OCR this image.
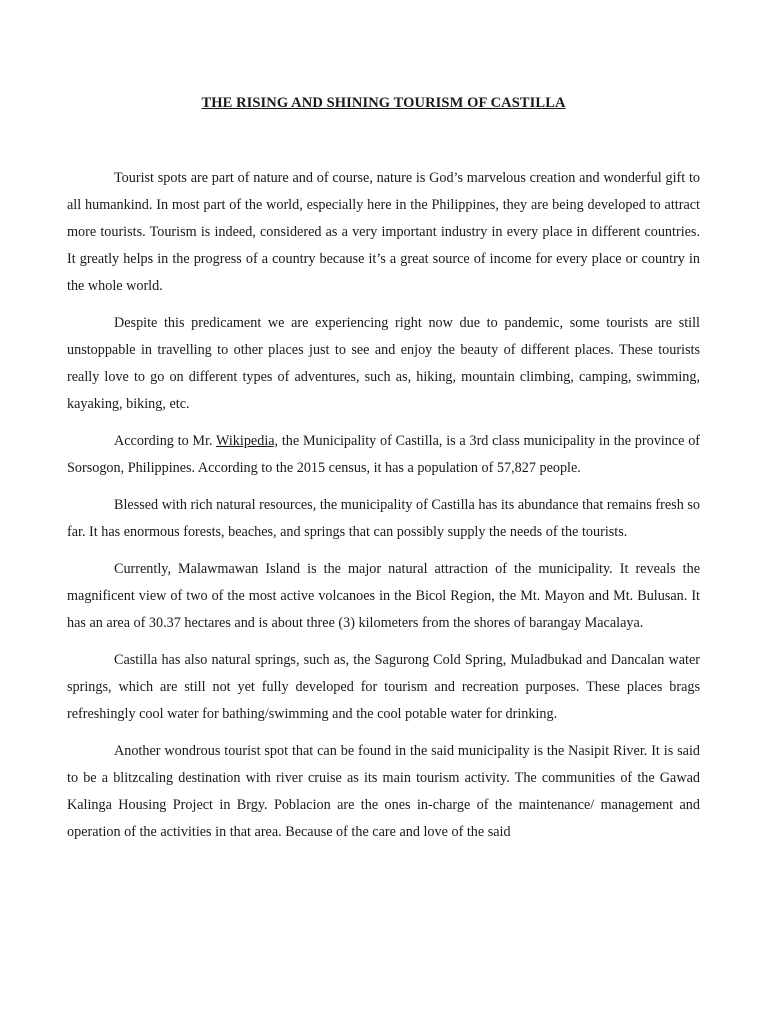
THE RISING AND SHINING TOURISM OF CASTILLA

Tourist spots are part of nature and of course, nature is God’s marvelous creation and wonderful gift to all humankind. In most part of the world, especially here in the Philippines, they are being developed to attract more tourists. Tourism is indeed, considered as a very important industry in every place in different countries. It greatly helps in the progress of a country because it’s a great source of income for every place or country in the whole world.

Despite this predicament we are experiencing right now due to pandemic, some tourists are still unstoppable in travelling to other places just to see and enjoy the beauty of different places. These tourists really love to go on different types of adventures, such as, hiking, mountain climbing, camping, swimming, kayaking, biking, etc.

According to Mr. Wikipedia, the Municipality of Castilla, is a 3rd class municipality in the province of Sorsogon, Philippines. According to the 2015 census, it has a population of 57,827 people.

Blessed with rich natural resources, the municipality of Castilla has its abundance that remains fresh so far. It has enormous forests, beaches, and springs that can possibly supply the needs of the tourists.

Currently, Malawmawan Island is the major natural attraction of the municipality. It reveals the magnificent view of two of the most active volcanoes in the Bicol Region, the Mt. Mayon and Mt. Bulusan. It has an area of 30.37 hectares and is about three (3) kilometers from the shores of barangay Macalaya.

Castilla has also natural springs, such as, the Sagurong Cold Spring, Muladbukad and Dancalan water springs, which are still not yet fully developed for tourism and recreation purposes. These places brags refreshingly cool water for bathing/swimming and the cool potable water for drinking.

Another wondrous tourist spot that can be found in the said municipality is the Nasipit River. It is said to be a blitzcaling destination with river cruise as its main tourism activity. The communities of the Gawad Kalinga Housing Project in Brgy. Poblacion are the ones in-charge of the maintenance/ management and operation of the activities in that area. Because of the care and love of the said
